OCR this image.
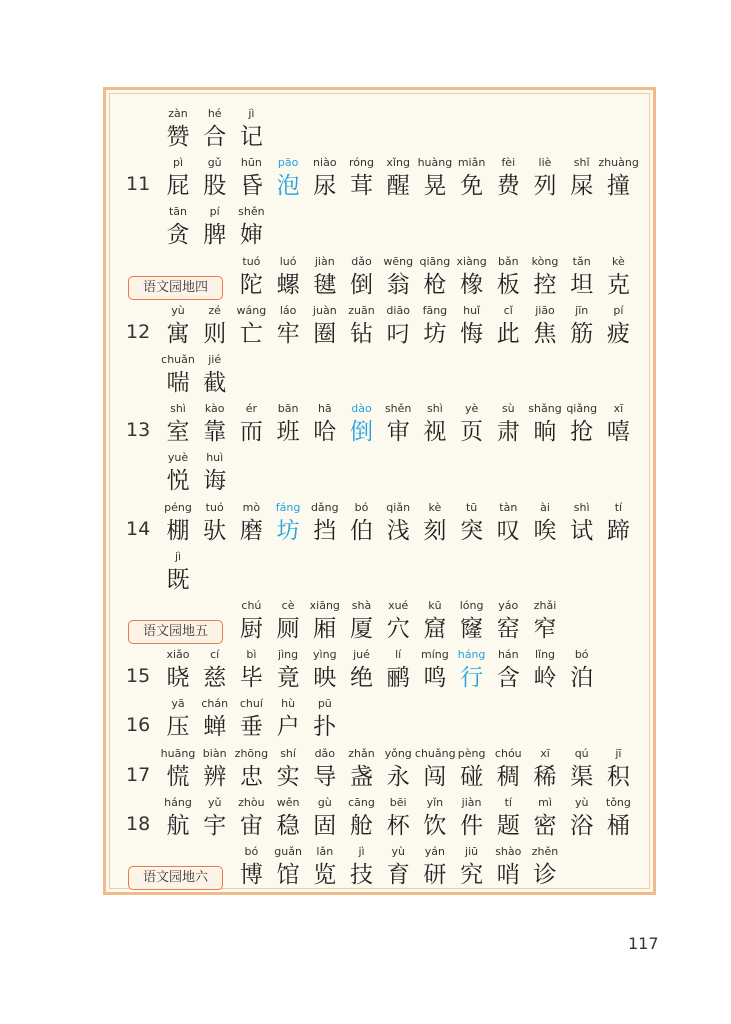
zàn
赞
hé
合
jì
记
11
pì
屁
gǔ
股
hūn
昏
pāo
泡
niào
尿
róng
茸
xǐng
醒
huàng
晃
miǎn
免
fèi
费
liè
列
shǐ
屎
zhuàng
撞
tān
贪
pí
脾
shěn
婶
语文园地四
tuó
陀
luó
螺
jiàn
毽
dǎo
倒
wēng
翁
qiāng
枪
xiàng
橡
bǎn
板
kòng
控
tǎn
坦
kè
克
12
yù
寓
zé
则
wáng
亡
láo
牢
juàn
圈
zuān
钻
diāo
叼
fāng
坊
huǐ
悔
cǐ
此
jiāo
焦
jīn
筋
pí
疲
chuǎn
喘
jié
截
13
shì
室
kào
靠
ér
而
bān
班
hā
哈
dào
倒
shěn
审
shì
视
yè
页
sù
肃
shǎng
晌
qiǎng
抢
xī
嘻
yuè
悦
huì
诲
14
péng
棚
tuó
驮
mò
磨
fáng
坊
dǎng
挡
bó
伯
qiǎn
浅
kè
刻
tū
突
tàn
叹
ài
唉
shì
试
tí
蹄
jì
既
语文园地五
chú
厨
cè
厕
xiāng
厢
shà
厦
xué
穴
kū
窟
lóng
窿
yáo
窑
zhǎi
窄
15
xiǎo
晓
cí
慈
bì
毕
jìng
竟
yìng
映
jué
绝
lí
鹂
míng
鸣
háng
行
hán
含
lǐng
岭
bó
泊
16
yā
压
chán
蝉
chuí
垂
hù
户
pū
扑
17
huāng
慌
biàn
辨
zhōng
忠
shí
实
dǎo
导
zhǎn
盏
yǒng
永
chuǎng
闯
pèng
碰
chóu
稠
xī
稀
qú
渠
jī
积
18
háng
航
yǔ
宇
zhòu
宙
wěn
稳
gù
固
cāng
舱
bēi
杯
yǐn
饮
jiàn
件
tí
题
mì
密
yù
浴
tǒng
桶
语文园地六
bó
博
guǎn
馆
lǎn
览
jì
技
yù
育
yán
研
jiū
究
shào
哨
zhěn
诊
117
